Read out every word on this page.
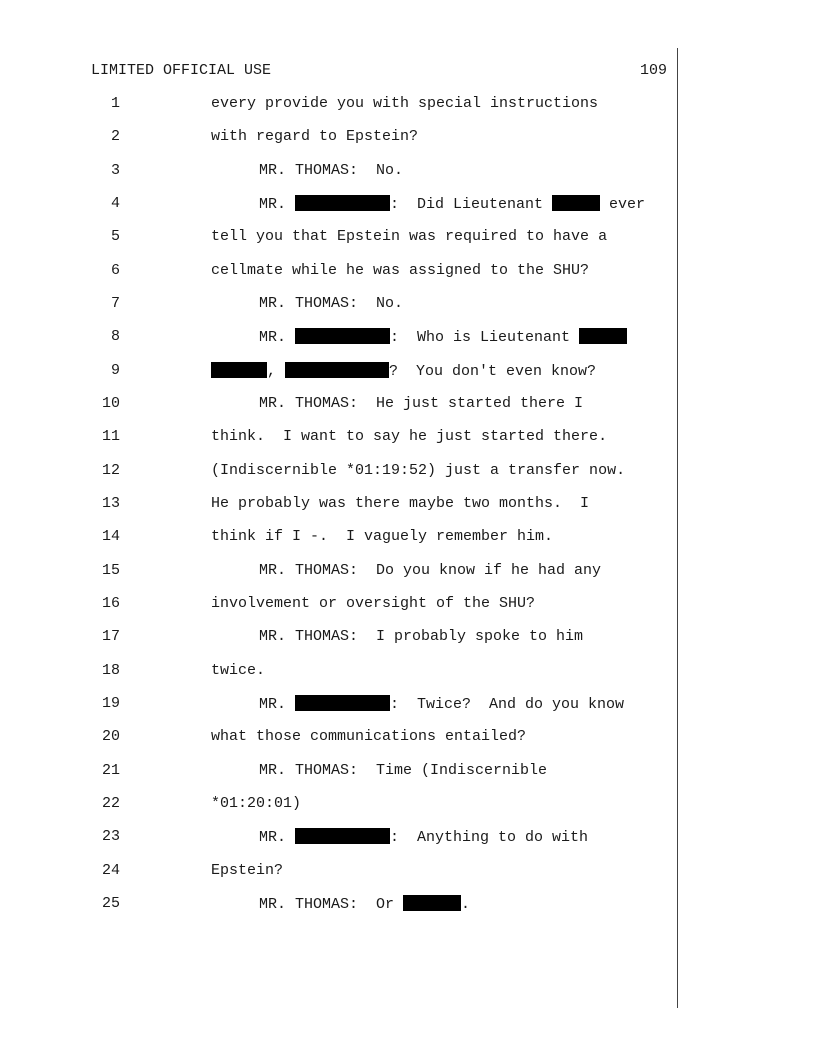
LIMITED OFFICIAL USE	109
1	every provide you with special instructions
2	with regard to Epstein?
3	MR. THOMAS:  No.
4	MR.	:  Did Lieutenant	ever
5	tell you that Epstein was required to have a
6	cellmate while he was assigned to the SHU?
7	MR. THOMAS:  No.
8	MR.	:  Who is Lieutenant
9	,	?  You don't even know?
10	MR. THOMAS:  He just started there I
11	think.  I want to say he just started there.
12	(Indiscernible *01:19:52) just a transfer now.
13	He probably was there maybe two months.  I
14	think if I -.  I vaguely remember him.
15	MR. THOMAS:  Do you know if he had any
16	involvement or oversight of the SHU?
17	MR. THOMAS:  I probably spoke to him
18	twice.
19	MR.	:  Twice?  And do you know
20	what those communications entailed?
21	MR. THOMAS:  Time (Indiscernible
22	*01:20:01)
23	MR.	:  Anything to do with
24	Epstein?
25	MR. THOMAS:  Or	.
